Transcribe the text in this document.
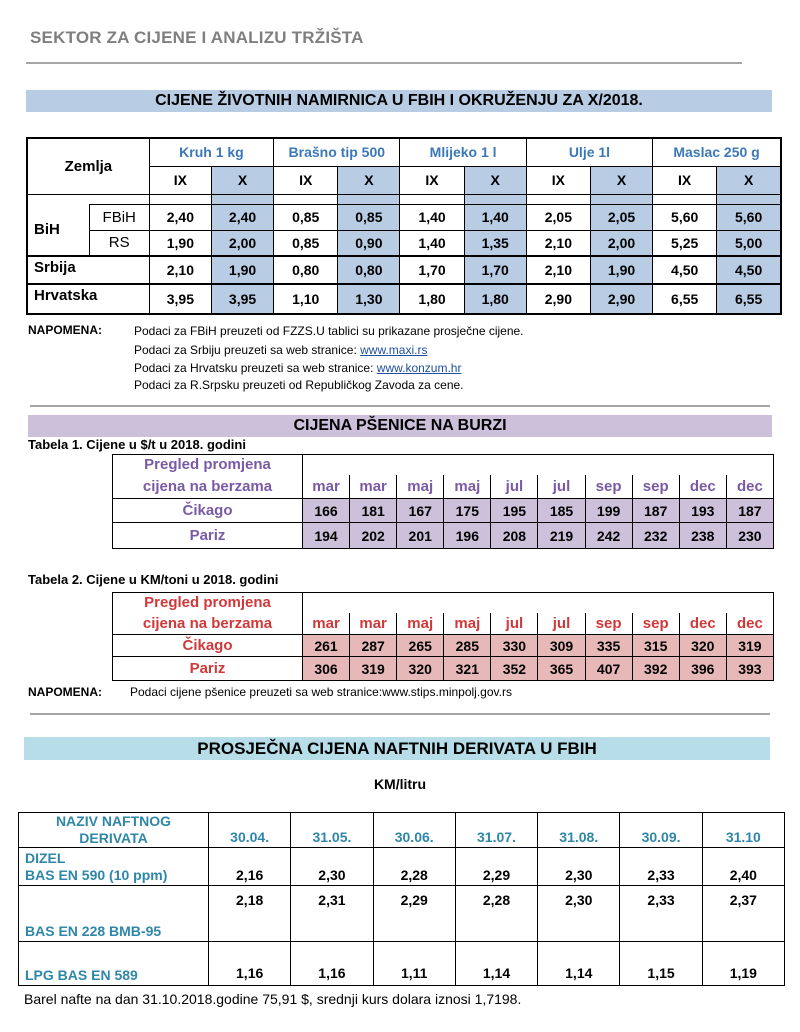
SEKTOR ZA CIJENE I ANALIZU TRŽIŠTA
CIJENE ŽIVOTNIH NAMIRNICA U FBIH I OKRUŽENJU ZA X/2018.
Zemlja		Kruh 1 kg		Brašno tip 500		Mlijeko 1 l		Ulje 1l		Maslac 250 g	
		IX	X	IX	X	IX	X	IX	X	IX	X

BiH	FBiH	2,40	2,40	0,85	0,85	1,40	1,40	2,05	2,05	5,60	5,60
	RS	1,90	2,00	0,85	0,90	1,40	1,35	2,10	2,00	5,25	5,00
Srbija		2,10	1,90	0,80	0,80	1,70	1,70	2,10	1,90	4,50	4,50
Hrvatska		3,95	3,95	1,10	1,30	1,80	1,80	2,90	2,90	6,55	6,55
NAPOMENA:	Podaci za FBiH preuzeti od FZZS.U tablici su prikazane prosječne cijene.
Podaci za Srbiju preuzeti sa web stranice: www.maxi.rs
Podaci za Hrvatsku preuzeti sa web stranice: www.konzum.hr
Podaci za R.Srpsku preuzeti od Republičkog Zavoda za cene.
CIJENA PŠENICE NA BURZI
Tabela 1. Cijene u $/t u 2018. godini
Pregled promjena										
cijena na berzama	mar	mar	maj	maj	jul	jul	sep	sep	dec	dec
Čikago	166	181	167	175	195	185	199	187	193	187
Pariz	194	202	201	196	208	219	242	232	238	230
Tabela 2. Cijene u KM/toni u 2018. godini
Pregled promjena										
cijena na berzama	mar	mar	maj	maj	jul	jul	sep	sep	dec	dec
Čikago	261	287	265	285	330	309	335	315	320	319
Pariz	306	319	320	321	352	365	407	392	396	393
NAPOMENA: Podaci cijene pšenice preuzeti sa web stranice:www.stips.minpolj.gov.rs
PROSJEČNA CIJENA NAFTNIH DERIVATA U FBIH
KM/litru
NAZIV NAFTNOG
DERIVATA	30.04.	31.05.	30.06.	31.07.	31.08.	30.09.	31.10

DIZEL
BAS EN 590 (10 ppm)	2,16	2,30	2,28	2,29	2,30	2,33	2,40
BAS EN 228 BMB-95	2,18	2,31	2,29	2,28	2,30	2,33	2,37
LPG BAS EN 589	1,16	1,16	1,11	1,14	1,14	1,15	1,19
Barel nafte na dan 31.10.2018.godine 75,91 $, srednji kurs dolara iznosi 1,7198.
